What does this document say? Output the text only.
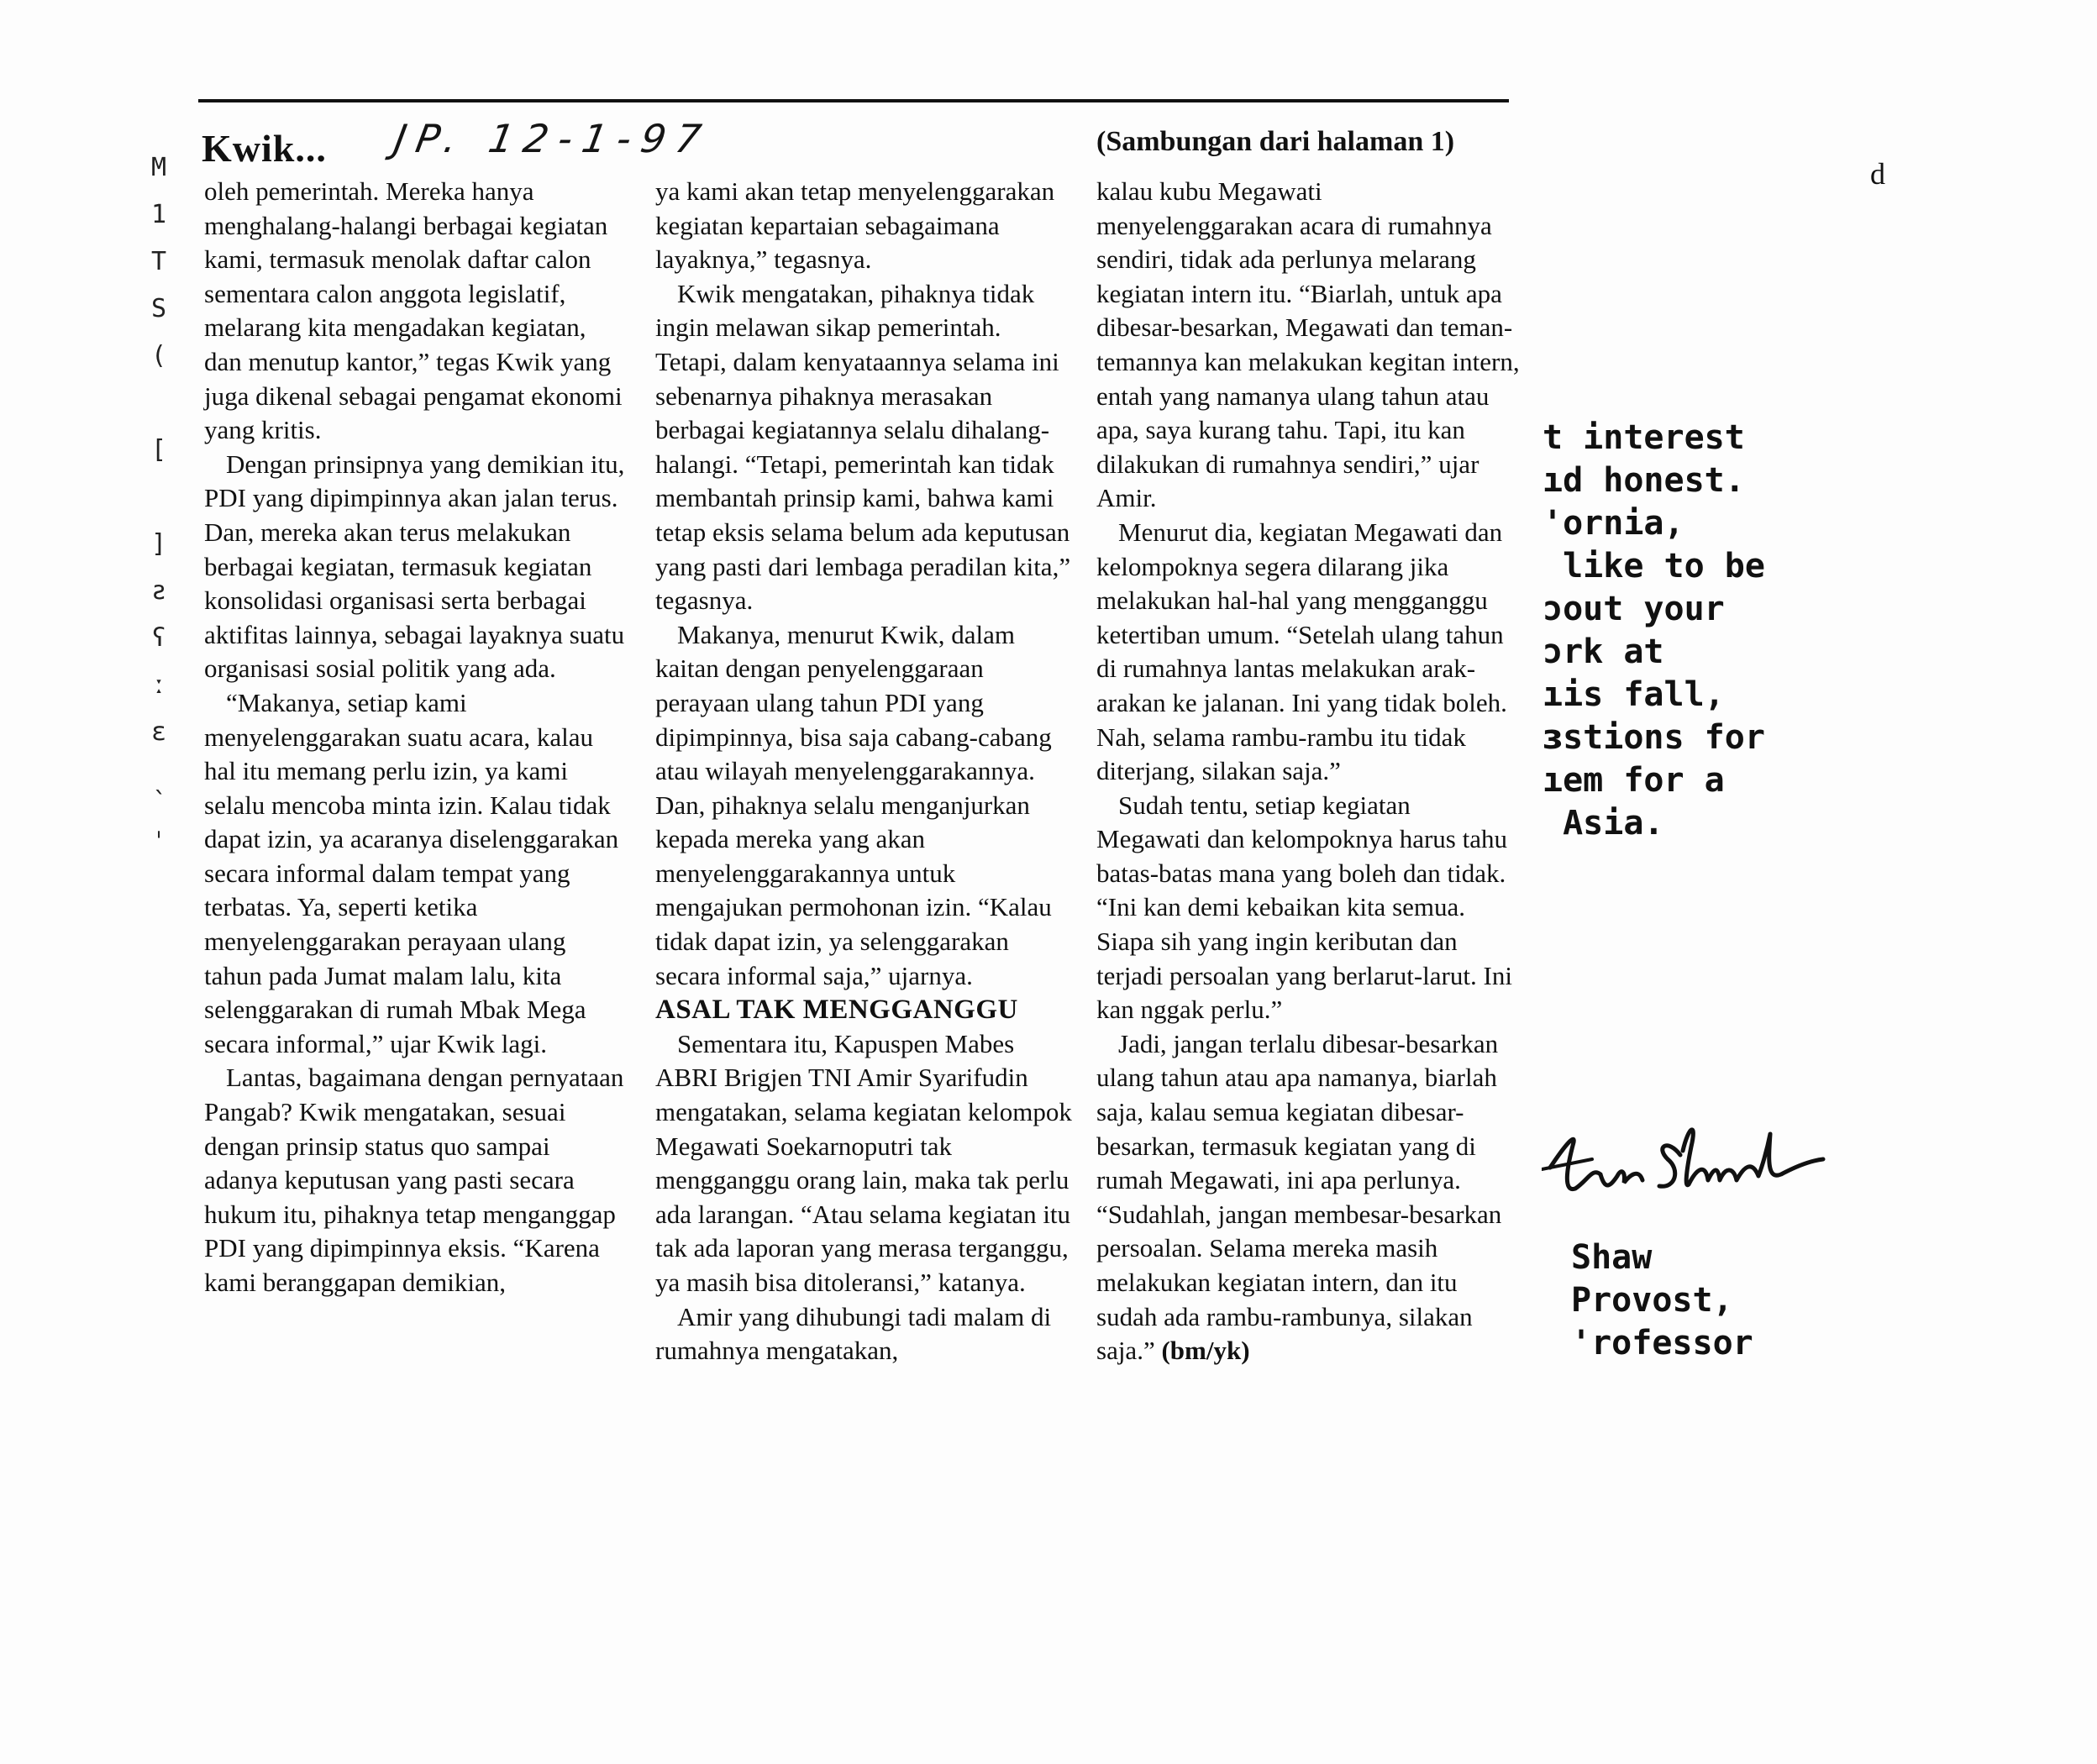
Kwik... JP. 12-1-97	(Sambungan dari halaman 1)
M
1
T
S
(
[
]
ƨ
ʕ
ː
ɛ
ˎ
ˌ
d

oleh pemerintah. Mereka hanya menghalang-halangi berbagai kegiatan kami, termasuk menolak daftar calon sementara calon anggota legislatif, melarang kita mengadakan kegiatan, dan menutup kantor,” tegas Kwik yang juga dikenal sebagai pengamat ekonomi yang kritis.

Dengan prinsipnya yang demikian itu, PDI yang dipimpinnya akan jalan terus. Dan, mereka akan terus melakukan berbagai kegiatan, termasuk kegiatan konsolidasi organisasi serta berbagai aktifitas lainnya, sebagai layaknya suatu organisasi sosial politik yang ada.

“Makanya, setiap kami menyelenggarakan suatu acara, kalau hal itu memang perlu izin, ya kami selalu mencoba minta izin. Kalau tidak dapat izin, ya acaranya diselenggarakan secara informal dalam tempat yang terbatas. Ya, seperti ketika menyelenggarakan perayaan ulang tahun pada Jumat malam lalu, kita selenggarakan di rumah Mbak Mega secara informal,” ujar Kwik lagi.

Lantas, bagaimana dengan pernyataan Pangab? Kwik mengatakan, sesuai dengan prinsip status quo sampai adanya keputusan yang pasti secara hukum itu, pihaknya tetap menganggap PDI yang dipimpinnya eksis. “Karena kami beranggapan demikian,

ya kami akan tetap menyelenggarakan kegiatan kepartaian sebagaimana layaknya,” tegasnya.

Kwik mengatakan, pihaknya tidak ingin melawan sikap pemerintah. Tetapi, dalam kenyataannya selama ini sebenarnya pihaknya merasakan berbagai kegiatannya selalu dihalang-halangi. “Tetapi, pemerintah kan tidak membantah prinsip kami, bahwa kami tetap eksis selama belum ada keputusan yang pasti dari lembaga peradilan kita,” tegasnya.

Makanya, menurut Kwik, dalam kaitan dengan penyelenggaraan perayaan ulang tahun PDI yang dipimpinnya, bisa saja cabang-cabang atau wilayah menyelenggarakannya. Dan, pihaknya selalu menganjurkan kepada mereka yang akan menyelenggarakannya untuk mengajukan permohonan izin. “Kalau tidak dapat izin, ya selenggarakan secara informal saja,” ujarnya.

ASAL TAK MENGGANGGU

Sementara itu, Kapuspen Mabes ABRI Brigjen TNI Amir Syarifudin mengatakan, selama kegiatan kelompok Megawati Soekarnoputri tak mengganggu orang lain, maka tak perlu ada larangan. “Atau selama kegiatan itu tak ada laporan yang merasa terganggu, ya masih bisa ditoleransi,” katanya.

Amir yang dihubungi tadi malam di rumahnya mengatakan,

kalau kubu Megawati menyelenggarakan acara di rumahnya sendiri, tidak ada perlunya melarang kegiatan intern itu. “Biarlah, untuk apa dibesar-besarkan, Megawati dan teman-temannya kan melakukan kegitan intern, entah yang namanya ulang tahun atau apa, saya kurang tahu. Tapi, itu kan dilakukan di rumahnya sendiri,” ujar Amir.

Menurut dia, kegiatan Megawati dan kelompoknya segera dilarang jika melakukan hal-hal yang mengganggu ketertiban umum. “Setelah ulang tahun di rumahnya lantas melakukan arak-arakan ke jalanan. Ini yang tidak boleh. Nah, selama rambu-rambu itu tidak diterjang, silakan saja.”

Sudah tentu, setiap kegiatan Megawati dan kelompoknya harus tahu batas-batas mana yang boleh dan tidak. “Ini kan demi kebaikan kita semua. Siapa sih yang ingin keributan dan terjadi persoalan yang berlarut-larut. Ini kan nggak perlu.”

Jadi, jangan terlalu dibesar-besarkan ulang tahun atau apa namanya, biarlah saja, kalau semua kegiatan dibesar-besarkan, termasuk kegiatan yang di rumah Megawati, ini apa perlunya. “Sudahlah, jangan membesar-besarkan persoalan. Selama mereka masih melakukan kegiatan intern, dan itu sudah ada rambu-rambunya, silakan saja.” (bm/yk)

t interest
ıd honest.
'ornia,
like to be
ɔout your
ɔrk at
ıis fall,
ɜstions for
ıem for a
Asia.
Shaw
Provost,
'rofessor
